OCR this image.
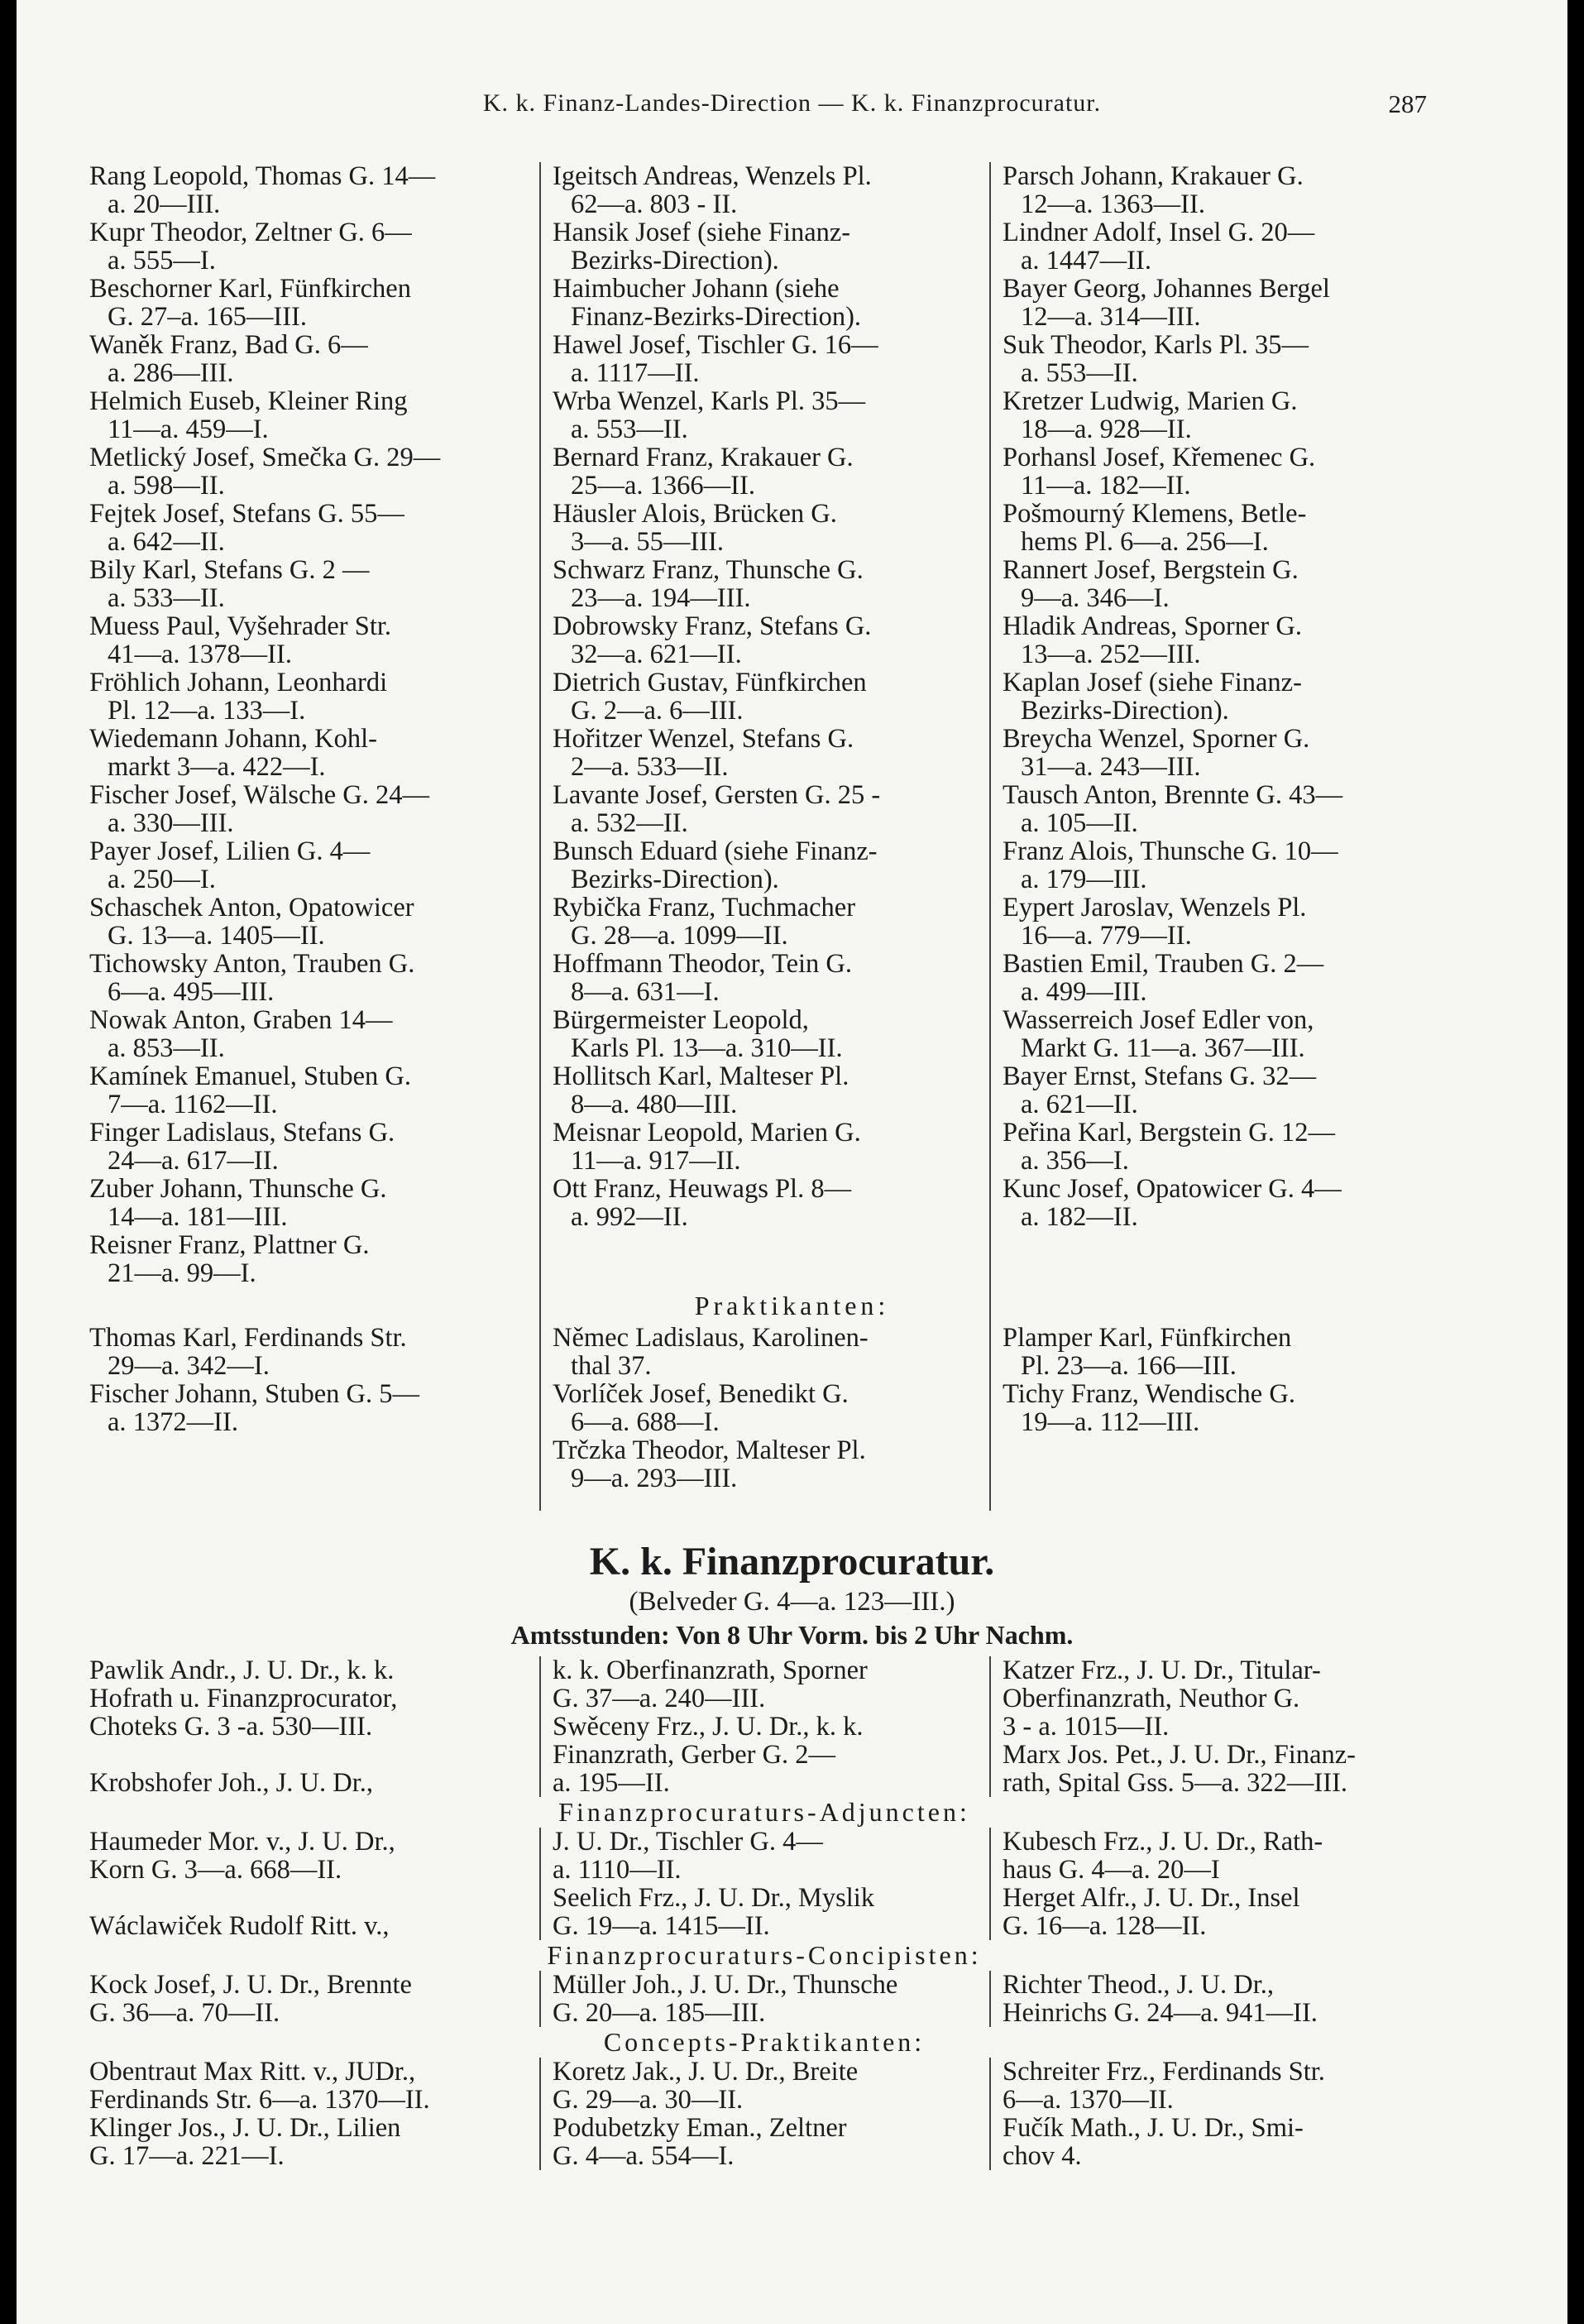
K. k. Finanz-Landes-Direction — K. k. Finanzprocuratur.	287
Rang Leopold, Thomas G. 14—
a. 20—III.
Kupr Theodor, Zeltner G. 6—
a. 555—I.
Beschorner Karl, Fünfkirchen
G. 27–a. 165—III.
Waněk Franz, Bad G. 6—
a. 286—III.
Helmich Euseb, Kleiner Ring
11—a. 459—I.
Metlický Josef, Smečka G. 29—
a. 598—II.
Fejtek Josef, Stefans G. 55—
a. 642—II.
Bily Karl, Stefans G. 2 —
a. 533—II.
Muess Paul, Vyšehrader Str.
41—a. 1378—II.
Fröhlich Johann, Leonhardi
Pl. 12—a. 133—I.
Wiedemann Johann, Kohl-
markt 3—a. 422—I.
Fischer Josef, Wälsche G. 24—
a. 330—III.
Payer Josef, Lilien G. 4—
a. 250—I.
Schaschek Anton, Opatowicer
G. 13—a. 1405—II.
Tichowsky Anton, Trauben G.
6—a. 495—III.
Nowak Anton, Graben 14—
a. 853—II.
Kamínek Emanuel, Stuben G.
7—a. 1162—II.
Finger Ladislaus, Stefans G.
24—a. 617—II.
Zuber Johann, Thunsche G.
14—a. 181—III.
Reisner Franz, Plattner G.
21—a. 99—I.
Igeitsch Andreas, Wenzels Pl.
62—a. 803 - II.
Hansik Josef (siehe Finanz-
Bezirks-Direction).
Haimbucher Johann (siehe
Finanz-Bezirks-Direction).
Hawel Josef, Tischler G. 16—
a. 1117—II.
Wrba Wenzel, Karls Pl. 35—
a. 553—II.
Bernard Franz, Krakauer G.
25—a. 1366—II.
Häusler Alois, Brücken G.
3—a. 55—III.
Schwarz Franz, Thunsche G.
23—a. 194—III.
Dobrowsky Franz, Stefans G.
32—a. 621—II.
Dietrich Gustav, Fünfkirchen
G. 2—a. 6—III.
Hořitzer Wenzel, Stefans G.
2—a. 533—II.
Lavante Josef, Gersten G. 25 -
a. 532—II.
Bunsch Eduard (siehe Finanz-
Bezirks-Direction).
Rybička Franz, Tuchmacher
G. 28—a. 1099—II.
Hoffmann Theodor, Tein G.
8—a. 631—I.
Bürgermeister Leopold,
Karls Pl. 13—a. 310—II.
Hollitsch Karl, Malteser Pl.
8—a. 480—III.
Meisnar Leopold, Marien G.
11—a. 917—II.
Ott Franz, Heuwags Pl. 8—
a. 992—II.
Parsch Johann, Krakauer G.
12—a. 1363—II.
Lindner Adolf, Insel G. 20—
a. 1447—II.
Bayer Georg, Johannes Bergel
12—a. 314—III.
Suk Theodor, Karls Pl. 35—
a. 553—II.
Kretzer Ludwig, Marien G.
18—a. 928—II.
Porhansl Josef, Křemenec G.
11—a. 182—II.
Pošmourný Klemens, Betle-
hems Pl. 6—a. 256—I.
Rannert Josef, Bergstein G.
9—a. 346—I.
Hladik Andreas, Sporner G.
13—a. 252—III.
Kaplan Josef (siehe Finanz-
Bezirks-Direction).
Breycha Wenzel, Sporner G.
31—a. 243—III.
Tausch Anton, Brennte G. 43—
a. 105—II.
Franz Alois, Thunsche G. 10—
a. 179—III.
Eypert Jaroslav, Wenzels Pl.
16—a. 779—II.
Bastien Emil, Trauben G. 2—
a. 499—III.
Wasserreich Josef Edler von,
Markt G. 11—a. 367—III.
Bayer Ernst, Stefans G. 32—
a. 621—II.
Peřina Karl, Bergstein G. 12—
a. 356—I.
Kunc Josef, Opatowicer G. 4—
a. 182—II.
Praktikanten:
Thomas Karl, Ferdinands Str.
29—a. 342—I.
Fischer Johann, Stuben G. 5—
a. 1372—II.
Němec Ladislaus, Karolinen-
thal 37.
Vorlíček Josef, Benedikt G.
6—a. 688—I.
Trčzka Theodor, Malteser Pl.
9—a. 293—III.
Plamper Karl, Fünfkirchen
Pl. 23—a. 166—III.
Tichy Franz, Wendische G.
19—a. 112—III.
K. k. Finanzprocuratur.
(Belveder G. 4—a. 123—III.)
Amtsstunden: Von 8 Uhr Vorm. bis 2 Uhr Nachm.
Pawlik Andr., J. U. Dr., k. k.
Hofrath u. Finanzprocurator,
Choteks G. 3 -a. 530—III.

Krobshofer Joh., J. U. Dr.,
k. k. Oberfinanzrath, Sporner
G. 37—a. 240—III.
Swěceny Frz., J. U. Dr., k. k.
Finanzrath, Gerber G. 2—
a. 195—II.
Katzer Frz., J. U. Dr., Titular-
Oberfinanzrath, Neuthor G.
3 - a. 1015—II.
Marx Jos. Pet., J. U. Dr., Finanz-
rath, Spital Gss. 5—a. 322—III.

Finanzprocuraturs-Adjuncten:

Haumeder Mor. v., J. U. Dr.,
Korn G. 3—a. 668—II.

Wáclawiček Rudolf Ritt. v.,
J. U. Dr., Tischler G. 4—
a. 1110—II.
Seelich Frz., J. U. Dr., Myslik
G. 19—a. 1415—II.
Kubesch Frz., J. U. Dr., Rath-
haus G. 4—a. 20—I
Herget Alfr., J. U. Dr., Insel
G. 16—a. 128—II.

Finanzprocuraturs-Concipisten:

Kock Josef, J. U. Dr., Brennte
G. 36—a. 70—II.
Müller Joh., J. U. Dr., Thunsche
G. 20—a. 185—III.
Richter Theod., J. U. Dr.,
Heinrichs G. 24—a. 941—II.

Concepts-Praktikanten:

Obentraut Max Ritt. v., JUDr.,
Ferdinands Str. 6—a. 1370—II.
Klinger Jos., J. U. Dr., Lilien
G. 17—a. 221—I.
Koretz Jak., J. U. Dr., Breite
G. 29—a. 30—II.
Podubetzky Eman., Zeltner
G. 4—a. 554—I.
Schreiter Frz., Ferdinands Str.
6—a. 1370—II.
Fučík Math., J. U. Dr., Smi-
chov 4.
